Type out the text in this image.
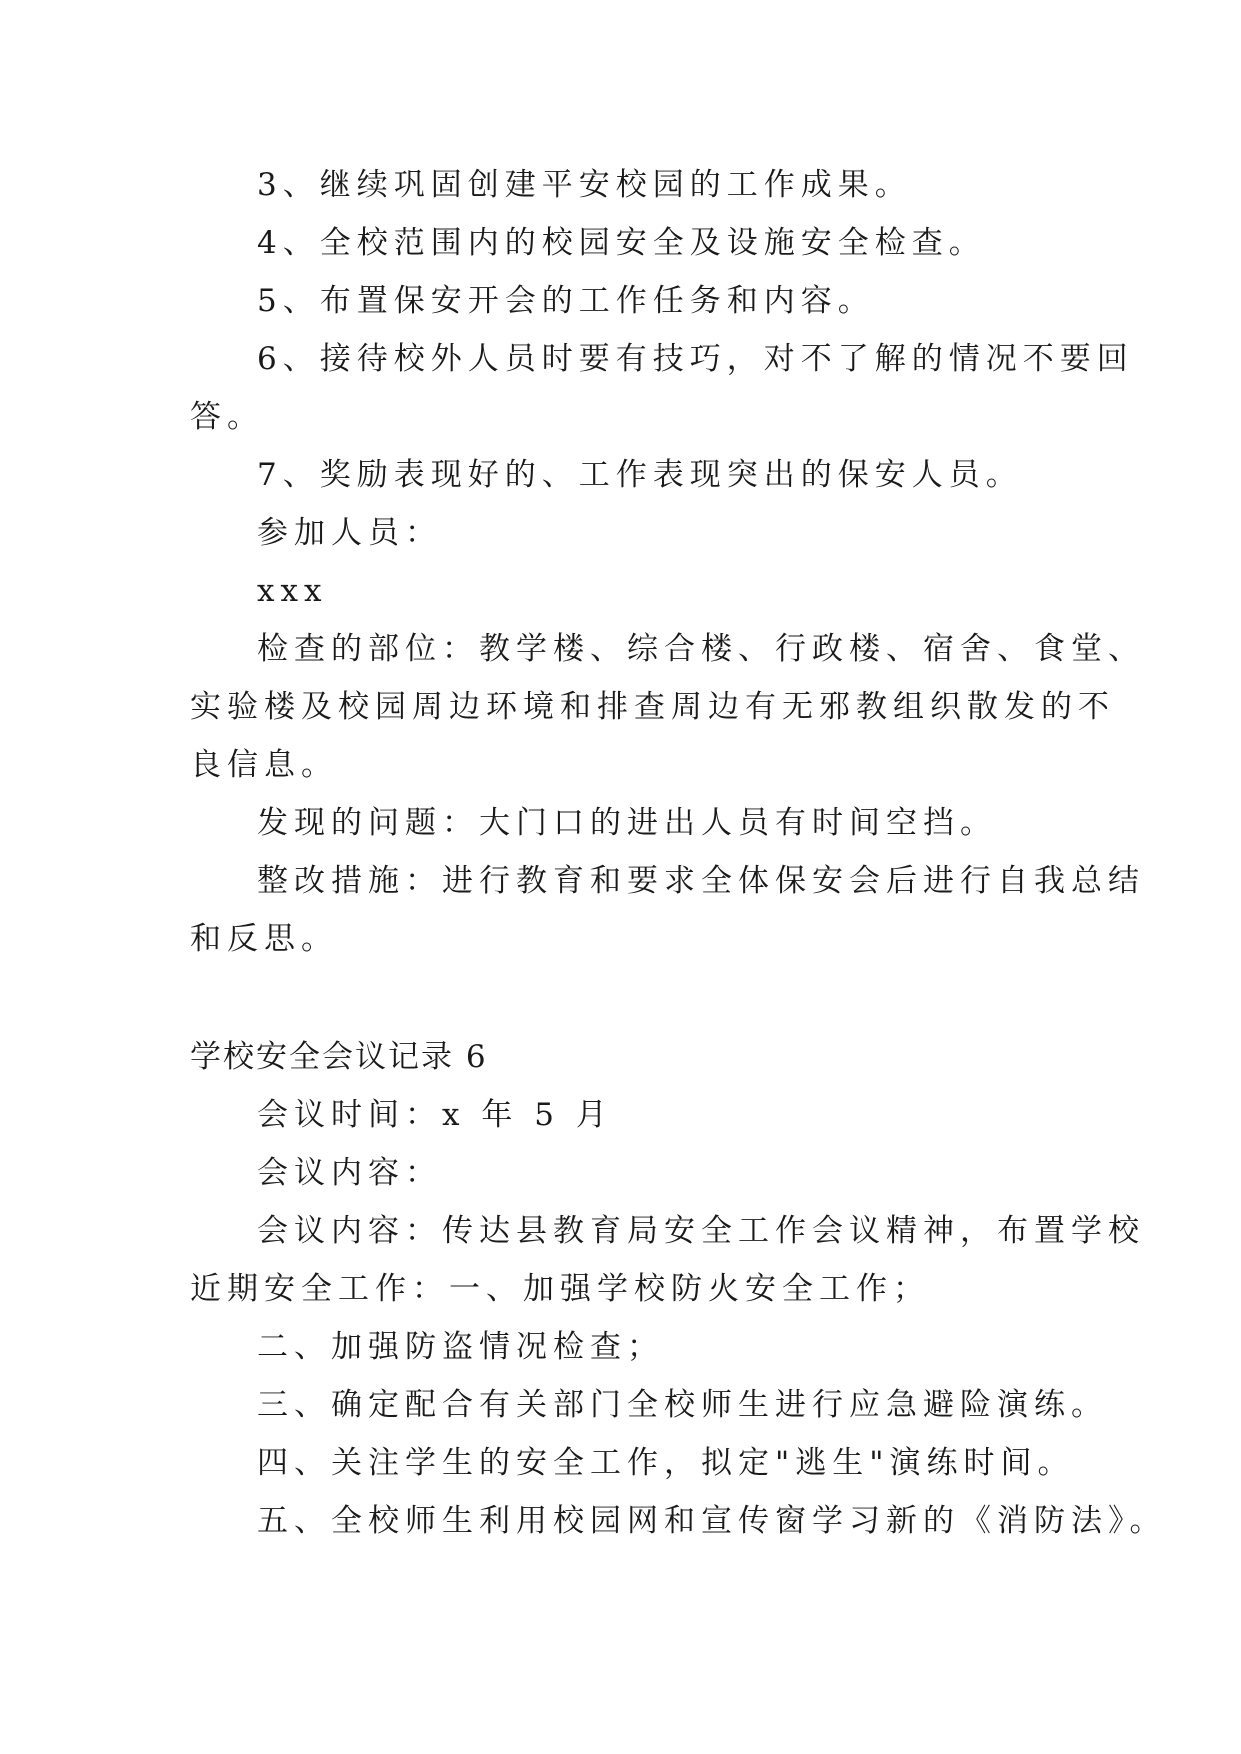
3、继续巩固创建平安校园的工作成果。
4、全校范围内的校园安全及设施安全检查。
5、布置保安开会的工作任务和内容。
6、接待校外人员时要有技巧，对不了解的情况不要回
答。
7、奖励表现好的、工作表现突出的保安人员。
参加人员：
xxx
检查的部位：教学楼、综合楼、行政楼、宿舍、食堂、
实验楼及校园周边环境和排查周边有无邪教组织散发的不
良信息。
发现的问题：大门口的进出人员有时间空挡。
整改措施：进行教育和要求全体保安会后进行自我总结
和反思。
学校安全会议记录 6
会议时间：x 年 5 月
会议内容：
会议内容：传达县教育局安全工作会议精神，布置学校
近期安全工作：一、加强学校防火安全工作；
二、加强防盗情况检查；
三、确定配合有关部门全校师生进行应急避险演练。
四、关注学生的安全工作，拟定"逃生"演练时间。
五、全校师生利用校园网和宣传窗学习新的《消防法》。
